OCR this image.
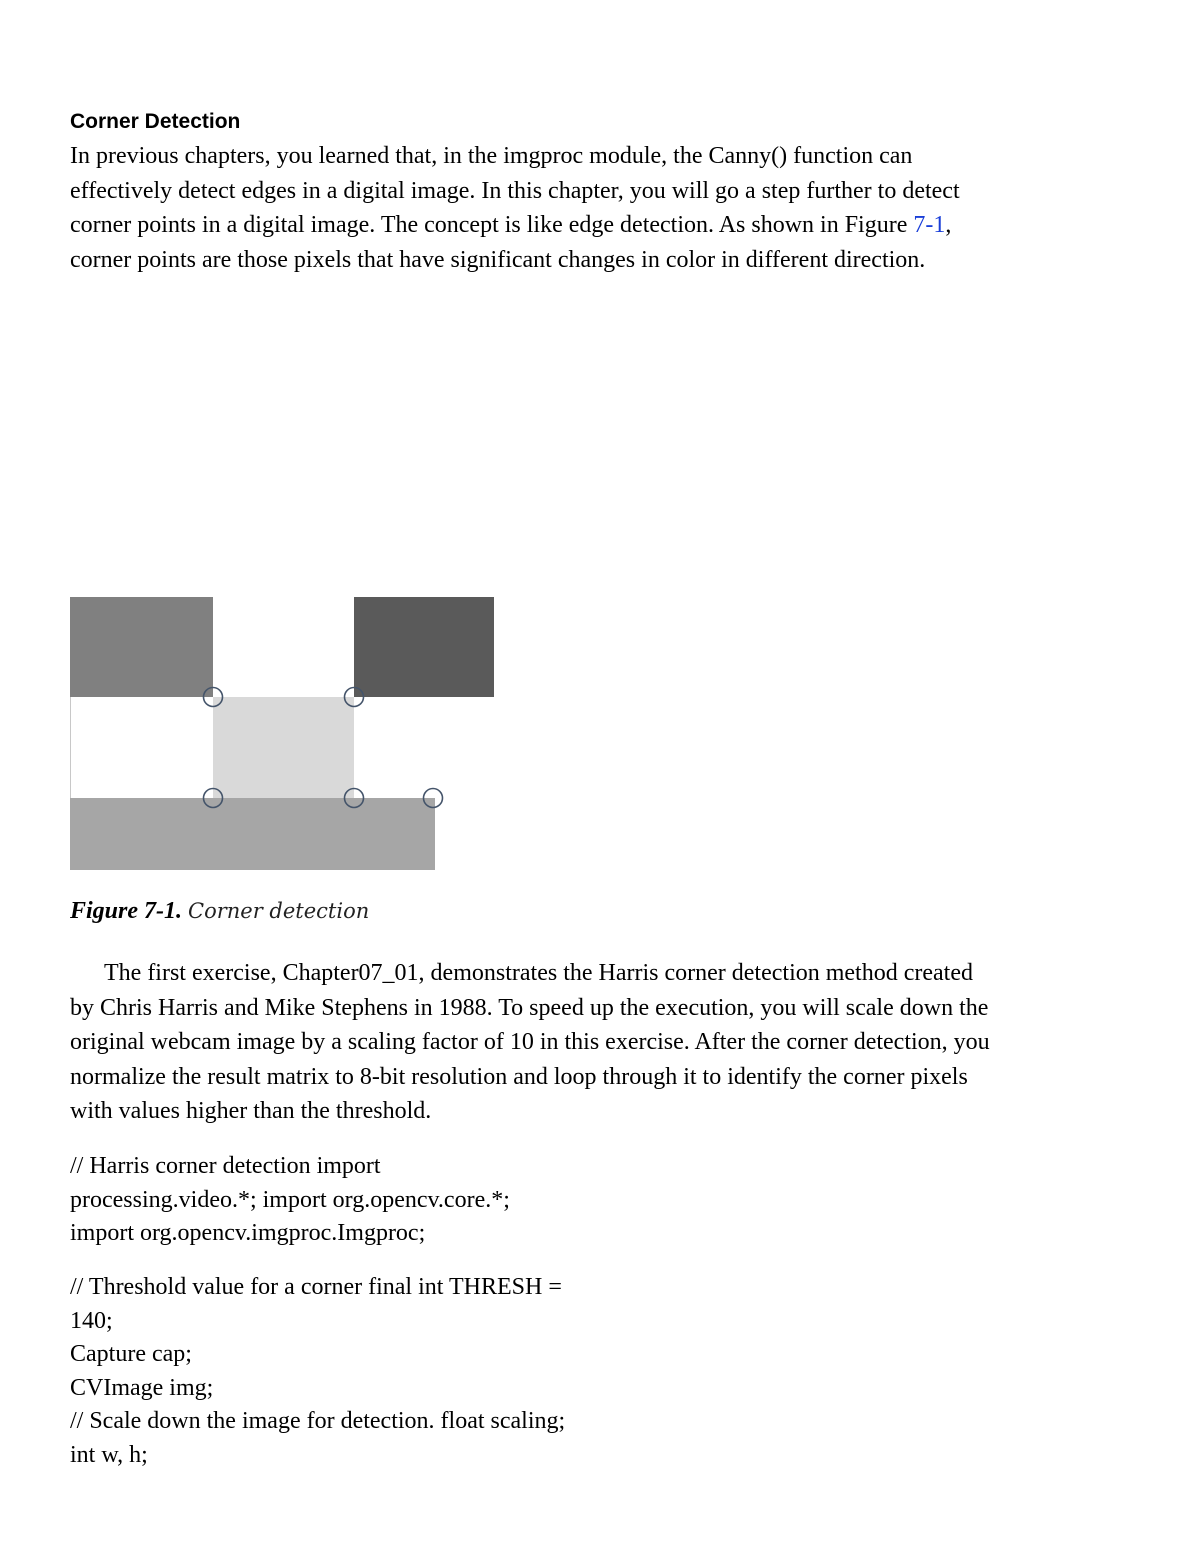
Corner Detection

In previous chapters, you learned that, in the imgproc module, the Canny() function can
effectively detect edges in a digital image. In this chapter, you will go a step further to detect
corner points in a digital image. The concept is like edge detection. As shown in Figure 7-1,
corner points are those pixels that have significant changes in color in different direction.

Figure 7-1. Corner detection

The first exercise, Chapter07_01, demonstrates the Harris corner detection method created
by Chris Harris and Mike Stephens in 1988. To speed up the execution, you will scale down the
original webcam image by a scaling factor of 10 in this exercise. After the corner detection, you
normalize the result matrix to 8-bit resolution and loop through it to identify the corner pixels
with values higher than the threshold.

// Harris corner detection import
processing.video.*; import org.opencv.core.*;
import org.opencv.imgproc.Imgproc;

// Threshold value for a corner final int THRESH =
140;
Capture cap;
CVImage img;
// Scale down the image for detection. float scaling;
int w, h;
